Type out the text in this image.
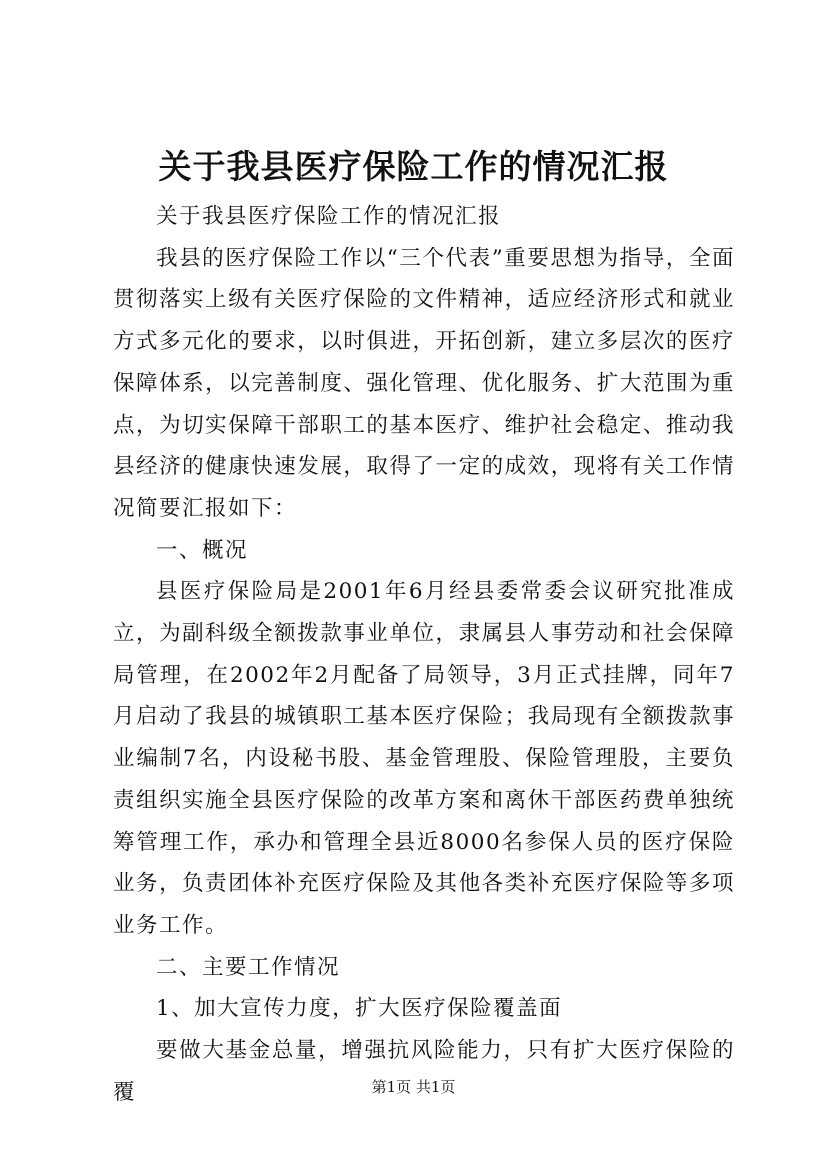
关于我县医疗保险工作的情况汇报

关于我县医疗保险工作的情况汇报

我县的医疗保险工作以“三个代表”重要思想为指导，全面贯彻落实上级有关医疗保险的文件精神，适应经济形式和就业方式多元化的要求，以时俱进，开拓创新，建立多层次的医疗保障体系，以完善制度、强化管理、优化服务、扩大范围为重点，为切实保障干部职工的基本医疗、维护社会稳定、推动我县经济的健康快速发展，取得了一定的成效，现将有关工作情况简要汇报如下：

一、概况

县医疗保险局是2001年6月经县委常委会议研究批准成立，为副科级全额拨款事业单位，隶属县人事劳动和社会保障局管理，在2002年2月配备了局领导，3月正式挂牌，同年7月启动了我县的城镇职工基本医疗保险；我局现有全额拨款事业编制7名，内设秘书股、基金管理股、保险管理股，主要负责组织实施全县医疗保险的改革方案和离休干部医药费单独统筹管理工作，承办和管理全县近8000名参保人员的医疗保险业务，负责团体补充医疗保险及其他各类补充医疗保险等多项业务工作。

二、主要工作情况

1、加大宣传力度，扩大医疗保险覆盖面

要做大基金总量，增强抗风险能力，只有扩大医疗保险的覆	第1页 共1页
